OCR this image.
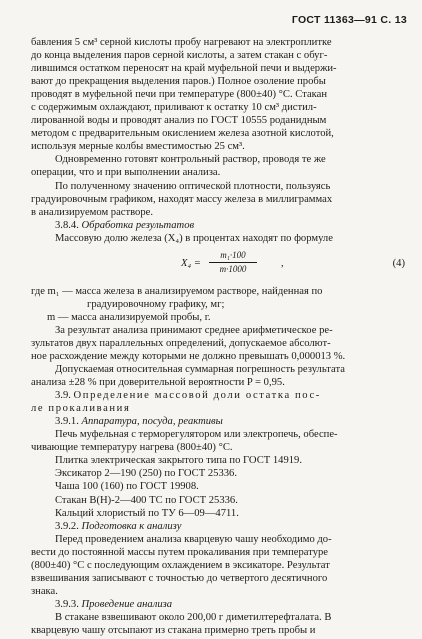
ГОСТ 11363—91 С. 13

бавления 5 см³ серной кислоты пробу нагревают на электроплитке

до конца выделения паров серной кислоты, а затем стакан с обуг-

лившимся остатком переносят на край муфельной печи и выдержи-

вают до прекращения выделения паров.) Полное озоление пробы

проводят в муфельной печи при температуре (800±40) °С. Стакан

с содержимым охлаждают, приливают к остатку 10 см³ дистил-

лированной воды и проводят анализ по ГОСТ 10555 роданидным

методом с предварительным окислением железа азотной кислотой,

используя мерные колбы вместимостью 25 см³.

Одновременно готовят контрольный раствор, проводя те же

операции, что и при выполнении анализа.

По полученному значению оптической плотности, пользуясь

градуировочным графиком, находят массу железа в миллиграммах

в анализируемом растворе.

3.8.4. Обработка результатов

Массовую долю железа (X₄) в процентах находят по формуле

$X_4 = \frac{\text{m₁·100}}{m\cdot 1000}$ ,	(4)

где m₁ — масса железа в анализируемом растворе, найденная по

градуировочному графику, мг;

m — масса анализируемой пробы, г.

За результат анализа принимают среднее арифметическое ре-

зультатов двух параллельных определений, допускаемое абсолют-

ное расхождение между которыми не должно превышать 0,000013 %.

Допускаемая относительная суммарная погрешность результата

анализа ±28 % при доверительной вероятности P = 0,95.

3.9. Определение массовой доли остатка пос-

ле прокаливания

3.9.1. Аппаратура, посуда, реактивы

Печь муфельная с терморегулятором или электропечь, обеспе-

чивающие температуру нагрева (800±40) °С.

Плитка электрическая закрытого типа по ГОСТ 14919.

Эксикатор 2—190 (250) по ГОСТ 25336.

Чаша 100 (160) по ГОСТ 19908.

Стакан В(Н)-2—400 ТС по ГОСТ 25336.

Кальций хлористый по ТУ 6—09—4711.

3.9.2. Подготовка к анализу

Перед проведением анализа кварцевую чашу необходимо до-

вести до постоянной массы путем прокаливания при температуре

(800±40) °С с последующим охлаждением в эксикаторе. Результат

взвешивания записывают с точностью до четвертого десятичного

знака.

3.9.3. Проведение анализа

В стакане взвешивают около 200,00 г диметилтерефталата. В

кварцевую чашу отсыпают из стакана примерно треть пробы и
